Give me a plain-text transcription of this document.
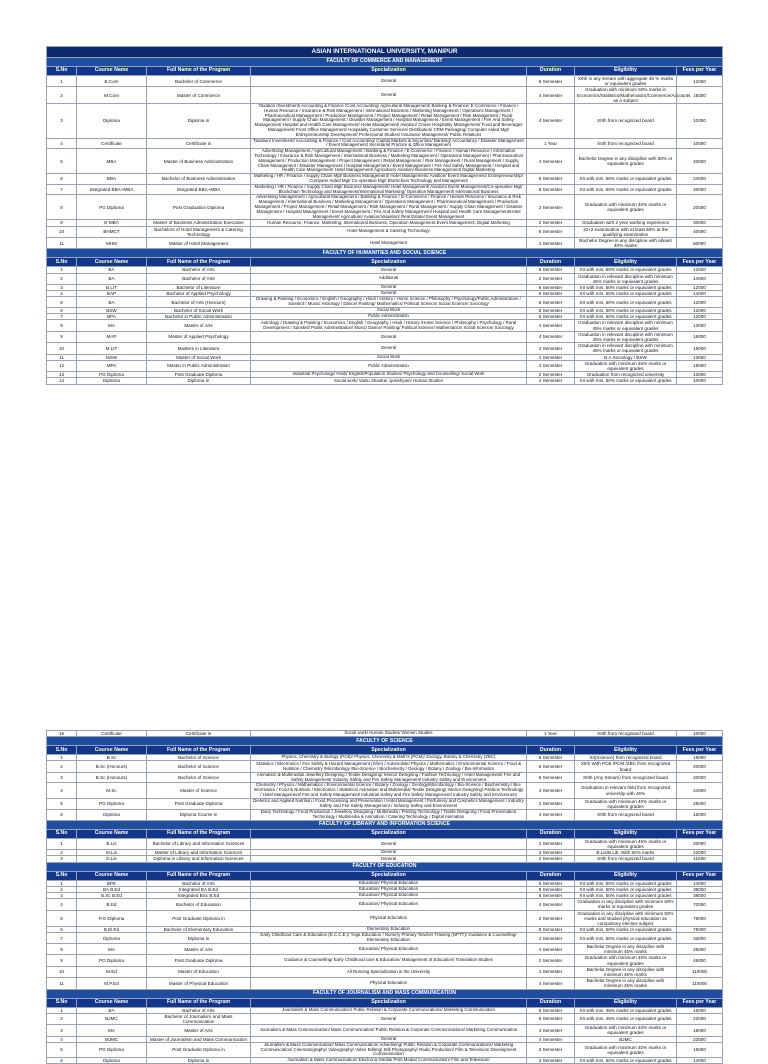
ASIAN INTERNATIONAL UNIVERSITY, MANIPUR						
FACULTY OF COMMERCE AND MANAGEMENT						
S.No	Course Name	Full Name of the Program	Specialization	Duration	Eligibility	Fees per Year
1	B.Com	Bachelor of Commerce	General	6 Semester	XIIth in any stream with aggregate 45 % marks or equivalent grades	12000
2	M.Com	Master of Commerce	General	4 Semester	Graduation with minimum 50% marks in Economics/Statistics/Mathematics/Commerce/Accounts as a subject	15000
3	Diploma	Diploma in	Taxation /Investment/ Accounting & Finance /Cost Accounting/ Agricultural Management/ Banking & Finance/ E-Commerce / Finance / Human Resource / Insurance & Risk Management / International Business / Marketing Management / Operations Management / Pharmaceutical Management / Production Management / Project Management / Retail Management / Risk Management / Rural Management / Supply Chain Management / Disaster Management / Hospital Management / Event Management / Fire And Safety Management/ Hospital and Health Care Management/ Hotel Management/ Aviation/ Cruise Hospitality Management/ Food and Beverages Management/ Front Office Management/ Hospitality Customer Services/ Distribution/ CRM Packaging/ Computer Aided Mgt/ Entrepreneurship Development/ Professional Studies/ Insurance Management/ Public Relations	4 Semester	XIIth from recognized board	10000
4	Certificate	Certificate in	Taxation/ Investment/ Accounting & Finance / Cost Accounting/ Capital Markets & Securities/ Banking/ Accountancy / Disaster Management / Event Management/ Secretarial Practice & Office Management	1 Year	XIIth from recognized board	10000
5	MBA	Master of Business Administration	Advertising Management / Agricultural Management / Banking & Finance / E-Commerce / Finance / Human Resource / Information Technology / Insurance & Risk Management / International Business / Marketing Management / Operations Management / Pharmaceutical Management / Production Management / Project Management / Retail Management / Risk Management / Rural Management / Supply Chain Management / Disaster Management / Hospital Management / Event Management / Fire And Safety Management / Hospital and Health Care Management/ Hotel Management/ Agriculture/ Aviation/ Business Management/ Digital Marketing	4 Semester	Bachelor Degree in any discipline with 50% or equivalent grades	40000
6	BBA	Bachelor of Business Administration	Marketing / HR / Finance / Supply Chain Mgt/ Business Management/ Hotel Management/ Aviation/ Event Management/ Entrepreneurship/ Computer Aided Mgt/ Co-operative Mgt/ Blockchain Technology and Management	6 Semester	XII with min. 50% marks or equivalent grades	24000
7	Integrated BBA+MBA	Integrated BBA+MBA	Marketing / HR / Finance / Supply Chain Mgt/ Business Management/ Hotel Management/ Aviation/ Event Management/Co-operative Mgt/ Blockchain Technology and Management/International Marketing/ Operation Management/ International Business	8 Semester	XII with min. 50% marks or equivalent grades	40000
8	PG Diploma	Post Graduation Diploma	Advertising Management / Agricultural Management / Banking & Finance / E-Commerce / Finance / Human Resource / Insurance & Risk Management / International Business / Marketing Management / Operations Management / Pharmaceutical Management / Production Management / Project Management / Retail Management / Risk Management / Rural Management / Supply Chain Management / Disaster Management / Hospital Management / Event Management / Fire And Safety Management/ Hospital and Health Care Management/Hotel Management/ Agriculture/ Aviation/Valuation/ Real Estate/ Event Management	2 Semester	Graduation with minimum 40% marks or equivalent grades	20000
9	E-MBA	Master of Business Administration Executive	Human Resource, Finance, Marketing, International Business, Operation Management,Event Management, Digital Marketing	2 Semester	Graduation with 2 year working experience	30000
10	BHMCT	Bachelors of Hotel Management & Catering Technology	Hotel Management & Catering Technology	6 Semester	10+2 examination with at least 50% at the qualifying examination	40000
11	MHM	Master of Hotel Management	Hotel Management	4 Semester	Bachelor Degree in any discipline with atleast 40% marks	50000
FACULTY OF HUMANITIES AND SOCIAL SCIENCE						
S.No	Course Name	Full Name of the Program	Specialization	Duration	Eligibility	Fees per Year
1	BA	Bachelor of Arts	General	6 Semester	XII with min. 50% marks or equivalent grades	12000
2	BA	Bachelor of Arts	Additional	2 Semester	Graduation in relevant discipline with minimum 45% marks or equivalent grades	14000
3	B.LIT	Bachelor of Literature	General	6 Semester	XII with min. 50% marks or equivalent grades	12000
4	BAP	Bachelor of Applied Psychology	General	6 Semester	XII with min. 50% marks or equivalent grades	14000
5	BA	Bachelor of Arts (Honours)	Drawing & Painting / Economics / English / Geography / Hindi / History / Home Science / Philosophy / Psychology/Public Administration / Sanskrit / Music/ Astrology / Dance/ Painting/ Mathematics/ Political Science/ Social Science/ Sociology	6 Semester	XII with min. 50% marks or equivalent grades	12000
6	BSW	Bachelor of Social Work	Social Work	6 Semester	XII with min. 50% marks or equivalent grades	12000
7	BPA	Bachelor in Public Administration	Public Administration	6 Semester	XII with min. 50% marks or equivalent grades	12000
8	MA	Master of Arts	Astrology / Drawing & Painting / Economics / English / Geography / Hindi / History /Home Science / Philosophy / Psychology / Rural Development / Sanskrit/ Public Administration/ Music/ Dance/ Painting/ Political Science/ Mathematics/ Social Science/ Sociology	4 Semester	Graduation in relevant discipline with minimum 45% marks or equivalent grades	13000
9	MAP	Master of Applied Psychology	General	4 Semester	Graduation in relevant discipline with minimum 45% marks or equivalent grades	15000
10	M.LIT	Masters in Literature	General	4 Semester	Graduation in relevant discipline with minimum 45% marks or equivalent grades	15000
11	MSW	Master of Social Work	Social Work	4 Semester	B.A Sociology / BSW	13000
12	MPA	Master in Public Administration	Public Administration	4 Semester	Graduation with minimum 45% marks or equivalent grades	18000
13	PG Diploma	Post Graduate Diploma	Industrial Psychology/ Hindi/ English/Population Studies/ Psychology and Counselling/ Social Work	2 Semester	Graduation from recognized university	13000
14	Diploma	Diploma In	Social work/ Vastu Shastra/ Jyotishyam/ Human Studies	4 Semester	XII with min. 50% marks or equivalent grades	10000
15	Certificate	Certificate in	Social work/ Human Studies/ Women Studies	1 Year	XIIth from recognised board	10000
FACULTY OF SCIENCE						
S.No	Course Name	Full Name of the Program	Specialization	Duration	Eligibility	Fees per Year
1	B.Sc	Bachelor of Science	Physics, Chemistry & Biology (PCB)/ Physics, Chemistry & Math's (PCM)/ Zoology, Botany & Chemistry (ZBC)	6 Semester	XII(Science) from recognized board	18000
2	B.Sc (Honours)	Bachelor of Science	Statistics / Electronics / Fire Safety & Hazard Management (Sfire) / Automobile/ Physics / Mathematics / Environmental Science / Food & Nutrition / Chemistry /Microbiology /Bio-Science / Biochemistry / Geology / Botany / Zoology / Bio-Informatics	6 Semester	XIIth With PCB /PCM /ZBC from recognized board	20000
3	B.Sc (Honours)	Bachelor of Science	Animation & Multimedia/ Jewellery Designing / Textile Designing/ Interior Designing / Fashion Technology / Hotel Management/ Fire and Safety Management/ Industry Safety and Fire Safety Management/ Industry Safety and Environment	6 Semester	XIIth (Any Stream) from recognized board	20000
4	M.Sc	Master of Science	Chemistry / Physics / Mathematics / Environmental Science / Botany / Zoology / Geology/Microbiology / Bio-Science / Biochemistry / Bio-Informatics / Food & Nutrition / Electronics / Statistics/ Animation and Multimedia/ Textile Designing/ Interior Designing/ Fashion Technology / Hotel Management/ Fire and Safety Management/ Industrial Safety and Fire Safety Management/ Industry Safety and Environment	4 Semester	Graduation in relevant field from recognized university with 45%	24000
5	PG Diploma	Post Graduate Diploma	Dietetics and Applied Nutrition / Food Processing and Preservation / Hotel Management / Perfumery and Cosmetics Management / Industry Safety and Fire Safety Management / Industry Safety and Environment	2 Semester	Graduation with minimum 40% marks or equivalent grades	25000
6	Diploma	Diploma Course in	Dairy Technology / Food Production / Jewellery Designing / Multimedia / Printing Technology / Textile Designing / Food Preservation Technology / Multimedia & Animation / Catering Technology / Digital Animation	4 Semester	XIIth from recognized board	15000
FACULTY OF LIBRARY AND INFORMATION SCIENCE						
S.No	Course Name	Full Name of the Program	Specialization	Duration	Eligibility	Fees per Year
1	B.Lis	Bachelor of Library and Information Sciences	General	2 Semester	Graduation with minimum 45% marks or equivalent grades	20000
2	M.Lis	Master of Library and Information Sciences	General	2 Semester	B.Lis/B.Lib. With 50% marks	22000
3	D.Lis	Diploma in Library and Information Sciences	General	2 Semester	XIIth from recognized board	11000
FACULTY OF EDUCATION						
S.No	Course Name	Full Name of the Program	Specialization	Duration	Eligibility	Fees per Year
1	BPE	Bachelor of Arts	Education/ Physical Education	6 Semester	XII with min. 50% marks or equivalent grades	14000
2	BA B.Ed	Integrated BA B.Ed	Education/ Physical Education	8 Semester	XII with min. 50% marks or equivalent grades	38000
3	B.Sc B.Ed	Integrated BSc B.Ed	Education/ Physical Education	8 Semester	XII with min. 50% marks or equivalent grades	38000
4	B.Ed	Bachelor of Education	Education/ Physical Education	4 Semester	Graduation in any discipline with minimum 50% marks or equivalent grades	70000
5	P.G Diploma	Post Graduate Diploma in	Physical Education	2 Semester	Graduation in any discipline with minimum 50% marks and studied physical education as compulsory elective subject	75000
6	B.El.Ed	Bachelor of Elementary Education	Elementary Education	8 Semester	XII with min. 50% marks or equivalent grades	75000
7	Diploma	Diploma in	Early Childhood Care & Education (E.C.C.E.)/ Yoga Education / Nursery Primary Teacher Training (NPTT)/ Guidance & Counselling/ Elementary Education	4 Semester	XII with min. 50% marks or equivalent grades	33000
8	MA	Master of Arts	Education/ Physical Education	4 Semester	Bachelor Degree in any discipline with minimum 45% marks	28000
9	PG Diploma	Post Graduate Diploma	Guidance & Counselling/ Early Childhood care & Education/ Management of Education/ Translation Studies	2 Semester	Graduation with minimum 45% marks or equivalent grades	45000
10	M.Ed	Master of Education	All Running Specialization in the University	4 Semester	Bachelor Degree in any discipline with minimum 45% marks	110000
11	M.P.Ed	Master of Physical Education	Physical Education	4 Semester	Bachelor Degree in any discipline with minimum 45% marks	110000
FACULTY OF JOURNALISM AND MASS COMMUNICATION						
S.No	Course Name	Full Name of the Program	Specialization	Duration	Eligibility	Fees per Year
1	BA	Bachelor of Arts	Journalism & Mass Communication/ Public Relation & Corporate Communications/ Marketing Communication	6 Semester	XII with min. 45% marks or equivalent grades	16000
2	BJMC	Bachelor of Journalism and Mass Communication	General	6 Semester	XII with min. 45% marks or equivalent grades	22000
3	MA	Master of Arts	Journalism & Mass Communication/ Mass Communication/ Public Relation & Corporate Communications/ Marketing Communication	4 Semester	Graduation with minimum 40% marks or equivalent grades	18000
4	MJMC	Master of Journalism and Mass Communication	General	4 Semester	BJMC	23000
5	PG Diploma	Post Graduate Diploma in	Journalism & Mass Communication/ Mass Communication/ Advertising/ Public Relation & Corporate Communications/ Marketing Communication/ Cinematography/ Videography/ Video Editing/ Still Photography/ Radio Production/ Film & Television/ Development Communication	2 Semester	Graduation with minimum 40% marks or equivalent grades	16000
6	Diploma	Diploma in	Journalism & Mass Communication/ Electronic Media/ Print Media/ Communication/ Film and Television/	2 Semester	XII with min. 50% marks or equivalent grades	14000
